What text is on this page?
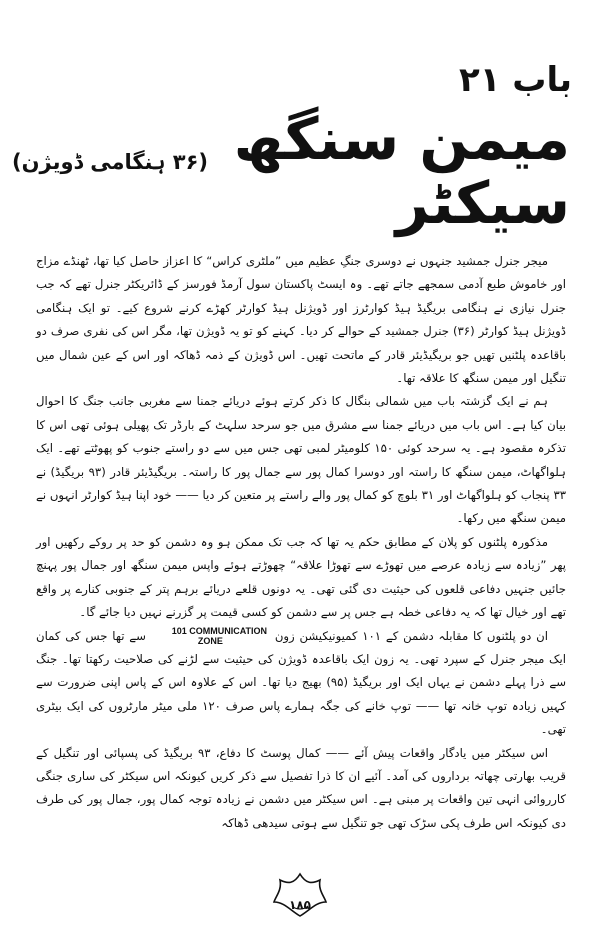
باب ۲۱
میمن سنگھ سیکٹر
(۳۶ ہنگامی ڈویژن)

میجر جنرل جمشید جنہوں نے دوسری جنگِ عظیم میں ”ملٹری کراس“ کا اعزاز حاصل کیا تھا، ٹھنڈے مزاج اور خاموش طبع آدمی سمجھے جاتے تھے۔ وہ ایسٹ پاکستان سول آرمڈ فورسز کے ڈائریکٹر جنرل تھے کہ جب جنرل نیازی نے ہنگامی بریگیڈ ہیڈ کوارٹرز اور ڈویژنل ہیڈ کوارٹر کھڑے کرنے شروع کیے۔ تو ایک ہنگامی ڈویژنل ہیڈ کوارٹر (۳۶) جنرل جمشید کے حوالے کر دیا۔ کہنے کو تو یہ ڈویژن تھا، مگر اس کی نفری صرف دو باقاعدہ پلٹنیں تھیں جو بریگیڈیئر قادر کے ماتحت تھیں۔ اس ڈویژن کے ذمہ ڈھاکہ اور اس کے عین شمال میں تنگیل اور میمن سنگھ کا علاقہ تھا۔

ہم نے ایک گزشتہ باب میں شمالی بنگال کا ذکر کرتے ہوئے دریائے جمنا سے مغربی جانب جنگ کا احوال بیان کیا ہے۔ اس باب میں دریائے جمنا سے مشرق میں جو سرحد سلہٹ کے بارڈر تک پھیلی ہوئی تھی اس کا تذکرہ مقصود ہے۔ یہ سرحد کوئی ۱۵۰ کلومیٹر لمبی تھی جس میں سے دو راستے جنوب کو پھوٹتے تھے۔ ایک ہلواگھاٹ، میمن سنگھ کا راستہ اور دوسرا کمال پور سے جمال پور کا راستہ۔ بریگیڈیئر قادر (۹۳ بریگیڈ) نے ۳۳ پنجاب کو ہلواگھاٹ اور ۳۱ بلوچ کو کمال پور والے راستے پر متعین کر دیا —— خود اپنا ہیڈ کوارٹر انہوں نے میمن سنگھ میں رکھا۔

مذکورہ پلٹنوں کو پلان کے مطابق حکم یہ تھا کہ جب تک ممکن ہو وہ دشمن کو حد پر روکے رکھیں اور پھر ”زیادہ سے زیادہ عرصے میں تھوڑے سے تھوڑا علاقہ“ چھوڑتے ہوئے واپس میمن سنگھ اور جمال پور پہنچ جائیں جنہیں دفاعی قلعوں کی حیثیت دی گئی تھی۔ یہ دونوں قلعے دریائے برہم پتر کے جنوبی کنارے پر واقع تھے اور خیال تھا کہ یہ دفاعی خطہ ہے جس پر سے دشمن کو کسی قیمت پر گزرنے نہیں دیا جائے گا۔

ان دو پلٹنوں کا مقابلہ دشمن کے ۱۰۱ کمیونیکیشن زون 101 COMMUNICATION
ZONE سے تھا جس کی کمان ایک میجر جنرل کے سپرد تھی۔ یہ زون ایک باقاعدہ ڈویژن کی حیثیت سے لڑنے کی صلاحیت رکھتا تھا۔ جنگ سے ذرا پہلے دشمن نے یہاں ایک اور بریگیڈ (۹۵) بھیج دیا تھا۔ اس کے علاوہ اس کے پاس اپنی ضرورت سے کہیں زیادہ توپ خانہ تھا —— توپ خانے کی جگہ ہمارے پاس صرف ۱۲۰ ملی میٹر مارٹروں کی ایک بیٹری تھی۔

اس سیکٹر میں یادگار واقعات پیش آئے —— کمال پوسٹ کا دفاع، ۹۳ بریگیڈ کی پسپائی اور تنگیل کے قریب بھارتی چھاتہ برداروں کی آمد۔ آئیے ان کا ذرا تفصیل سے ذکر کریں کیونکہ اس سیکٹر کی ساری جنگی کارروائی انہی تین واقعات پر مبنی ہے۔ اس سیکٹر میں دشمن نے زیادہ توجہ کمال پور، جمال پور کی طرف دی کیونکہ اس طرف پکی سڑک تھی جو تنگیل سے ہوتی سیدھی ڈھاکہ

۱۸۵
